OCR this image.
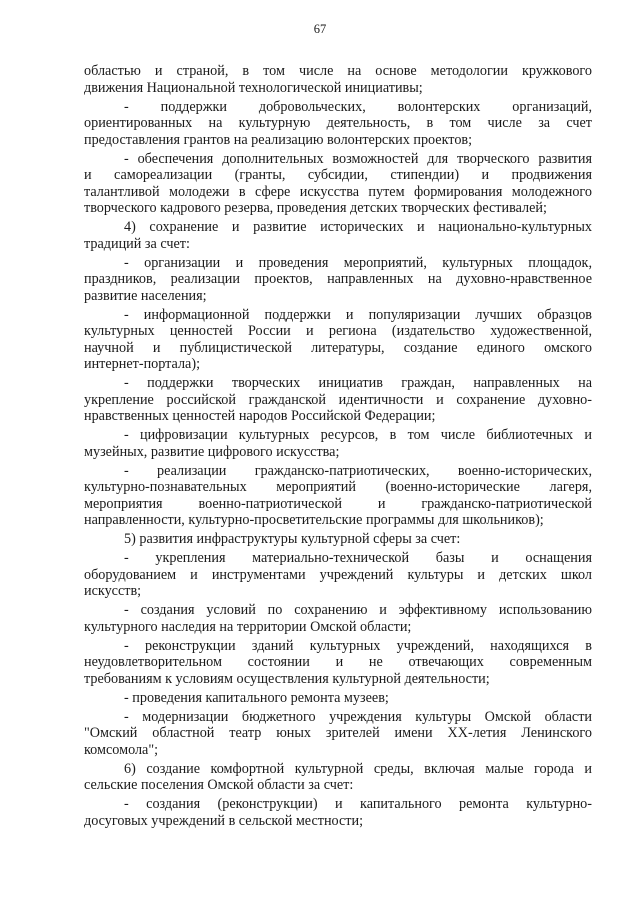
67
областью и страной, в том числе на основе методологии кружкового
движения Национальной технологической инициативы;
- поддержки добровольческих, волонтерских организаций,
ориентированных на культурную деятельность, в том числе за счет
предоставления грантов на реализацию волонтерских проектов;
- обеспечения дополнительных возможностей для творческого развития
и самореализации (гранты, субсидии, стипендии) и продвижения
талантливой молодежи в сфере искусства путем формирования молодежного
творческого кадрового резерва, проведения детских творческих фестивалей;
4) сохранение и развитие исторических и национально-культурных
традиций за счет:
- организации и проведения мероприятий, культурных площадок,
праздников, реализации проектов, направленных на духовно-нравственное
развитие населения;
- информационной поддержки и популяризации лучших образцов
культурных ценностей России и региона (издательство художественной,
научной и публицистической литературы, создание единого омского
интернет-портала);
- поддержки творческих инициатив граждан, направленных на
укрепление российской гражданской идентичности и сохранение духовно-
нравственных ценностей народов Российской Федерации;
- цифровизации культурных ресурсов, в том числе библиотечных и
музейных, развитие цифрового искусства;
- реализации гражданско-патриотических, военно-исторических,
культурно-познавательных мероприятий (военно-исторические лагеря,
мероприятия военно-патриотической и гражданско-патриотической
направленности, культурно-просветительские программы для школьников);
5) развития инфраструктуры культурной сферы за счет:
- укрепления материально-технической базы и оснащения
оборудованием и инструментами учреждений культуры и детских школ
искусств;
- создания условий по сохранению и эффективному использованию
культурного наследия на территории Омской области;
- реконструкции зданий культурных учреждений, находящихся в
неудовлетворительном состоянии и не отвечающих современным
требованиям к условиям осуществления культурной деятельности;
- проведения капитального ремонта музеев;
- модернизации бюджетного учреждения культуры Омской области
"Омский областной театр юных зрителей имени XX-летия Ленинского
комсомола";
6) создание комфортной культурной среды, включая малые города и
сельские поселения Омской области за счет:
- создания (реконструкции) и капитального ремонта культурно-
досуговых учреждений в сельской местности;
